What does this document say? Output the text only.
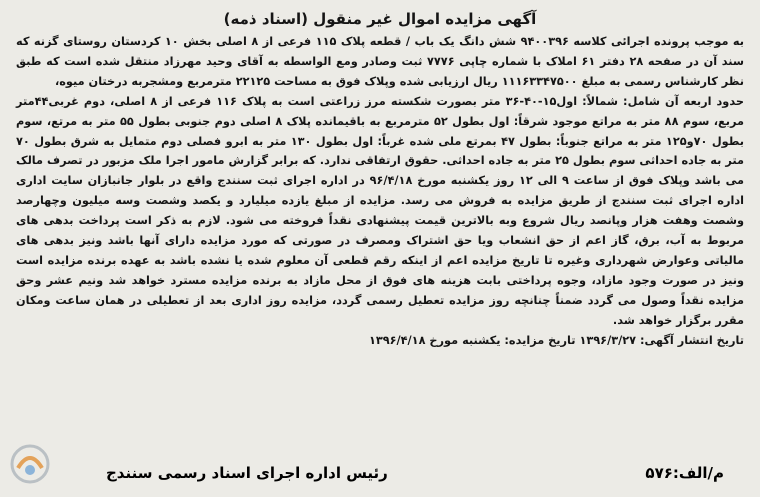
آگهی مزایده اموال غیر منقول (اسناد ذمه)

به موجب پرونده اجرائی کلاسه ۹۴۰۰۳۹۶ شش دانگ یک باب / قطعه پلاک ۱۱۵ فرعی از ۸ اصلی بخش ۱۰ کردستان روستای گزنه که سند آن در صفحه ۲۸ دفتر ۶۱ املاک با شماره چاپی ۷۷۷۶ ثبت وصادر ومع الواسطه به آقای وحید مهرزاد منتقل شده است که طبق نظر کارشناس رسمی به مبلغ ۱۱۱۶۳۳۴۷۵۰۰ ریال ارزیابی شده وپلاک فوق به مساحت ۲۲۱۲۵ مترمربع ومشجربه درختان میوه،

حدود اربعه آن شامل: شمالاً: اول۱۵-۴۰-۳۶ متر بصورت شکسته مرز زراعتی است به پلاک ۱۱۶ فرعی از ۸ اصلی، دوم غربی۴۴متر مربع، سوم ۸۸ متر به مراتع موجود شرقاً: اول بطول ۵۲ مترمربع به باقیمانده پلاک ۸ اصلی دوم جنوبی بطول ۵۵ متر به مرتع، سوم بطول ۷۰و۱۲۵ متر به مراتع جنوباً: بطول ۴۷ بمرتع ملی شده غرباً: اول بطول ۱۳۰ متر به ابرو فصلی دوم متمایل به شرق بطول ۷۰ متر به جاده احداثی سوم بطول ۲۵ متر به جاده احداثی. حقوق ارتفاقی ندارد. که برابر گزارش مامور اجرا ملک مزبور در تصرف مالک می باشد وپلاک فوق از ساعت ۹ الی ۱۲ روز یکشنبه مورخ ۹۶/۴/۱۸ در اداره اجرای ثبت سنندج واقع در بلوار جانبازان سایت اداری اداره اجرای ثبت سنندج از طریق مزایده به فروش می رسد. مزایده از مبلغ یازده میلیارد و یکصد وشصت وسه میلیون وچهارصد وشصت وهفت هزار وپانصد ریال شروع وبه بالاترین قیمت پیشنهادی نقداً فروخته می شود. لازم به ذکر است پرداخت بدهی های مربوط به آب، برق، گاز اعم از حق انشعاب ویا حق اشتراک ومصرف در صورتی که مورد مزایده دارای آنها باشد ونیز بدهی های مالیاتی وعوارض شهرداری وغیره تا تاریخ مزایده اعم از اینکه رقم قطعی آن معلوم شده یا نشده باشد به عهده برنده مزایده است ونیز در صورت وجود مازاد، وجوه پرداختی بابت هزینه های فوق از محل مازاد به برنده مزایده مسترد خواهد شد ونیم عشر وحق مزایده نقداً وصول می گردد ضمناً چنانچه روز مزایده تعطیل رسمی گردد، مزایده روز اداری بعد از تعطیلی در همان ساعت ومکان مقرر برگزار خواهد شد.

تاریخ انتشار آگهی: ۱۳۹۶/۳/۲۷ تاریخ مزایده: یکشنبه مورخ ۱۳۹۶/۴/۱۸

م/الف:۵۷۶
رئیس اداره اجرای اسناد رسمی سنندج
